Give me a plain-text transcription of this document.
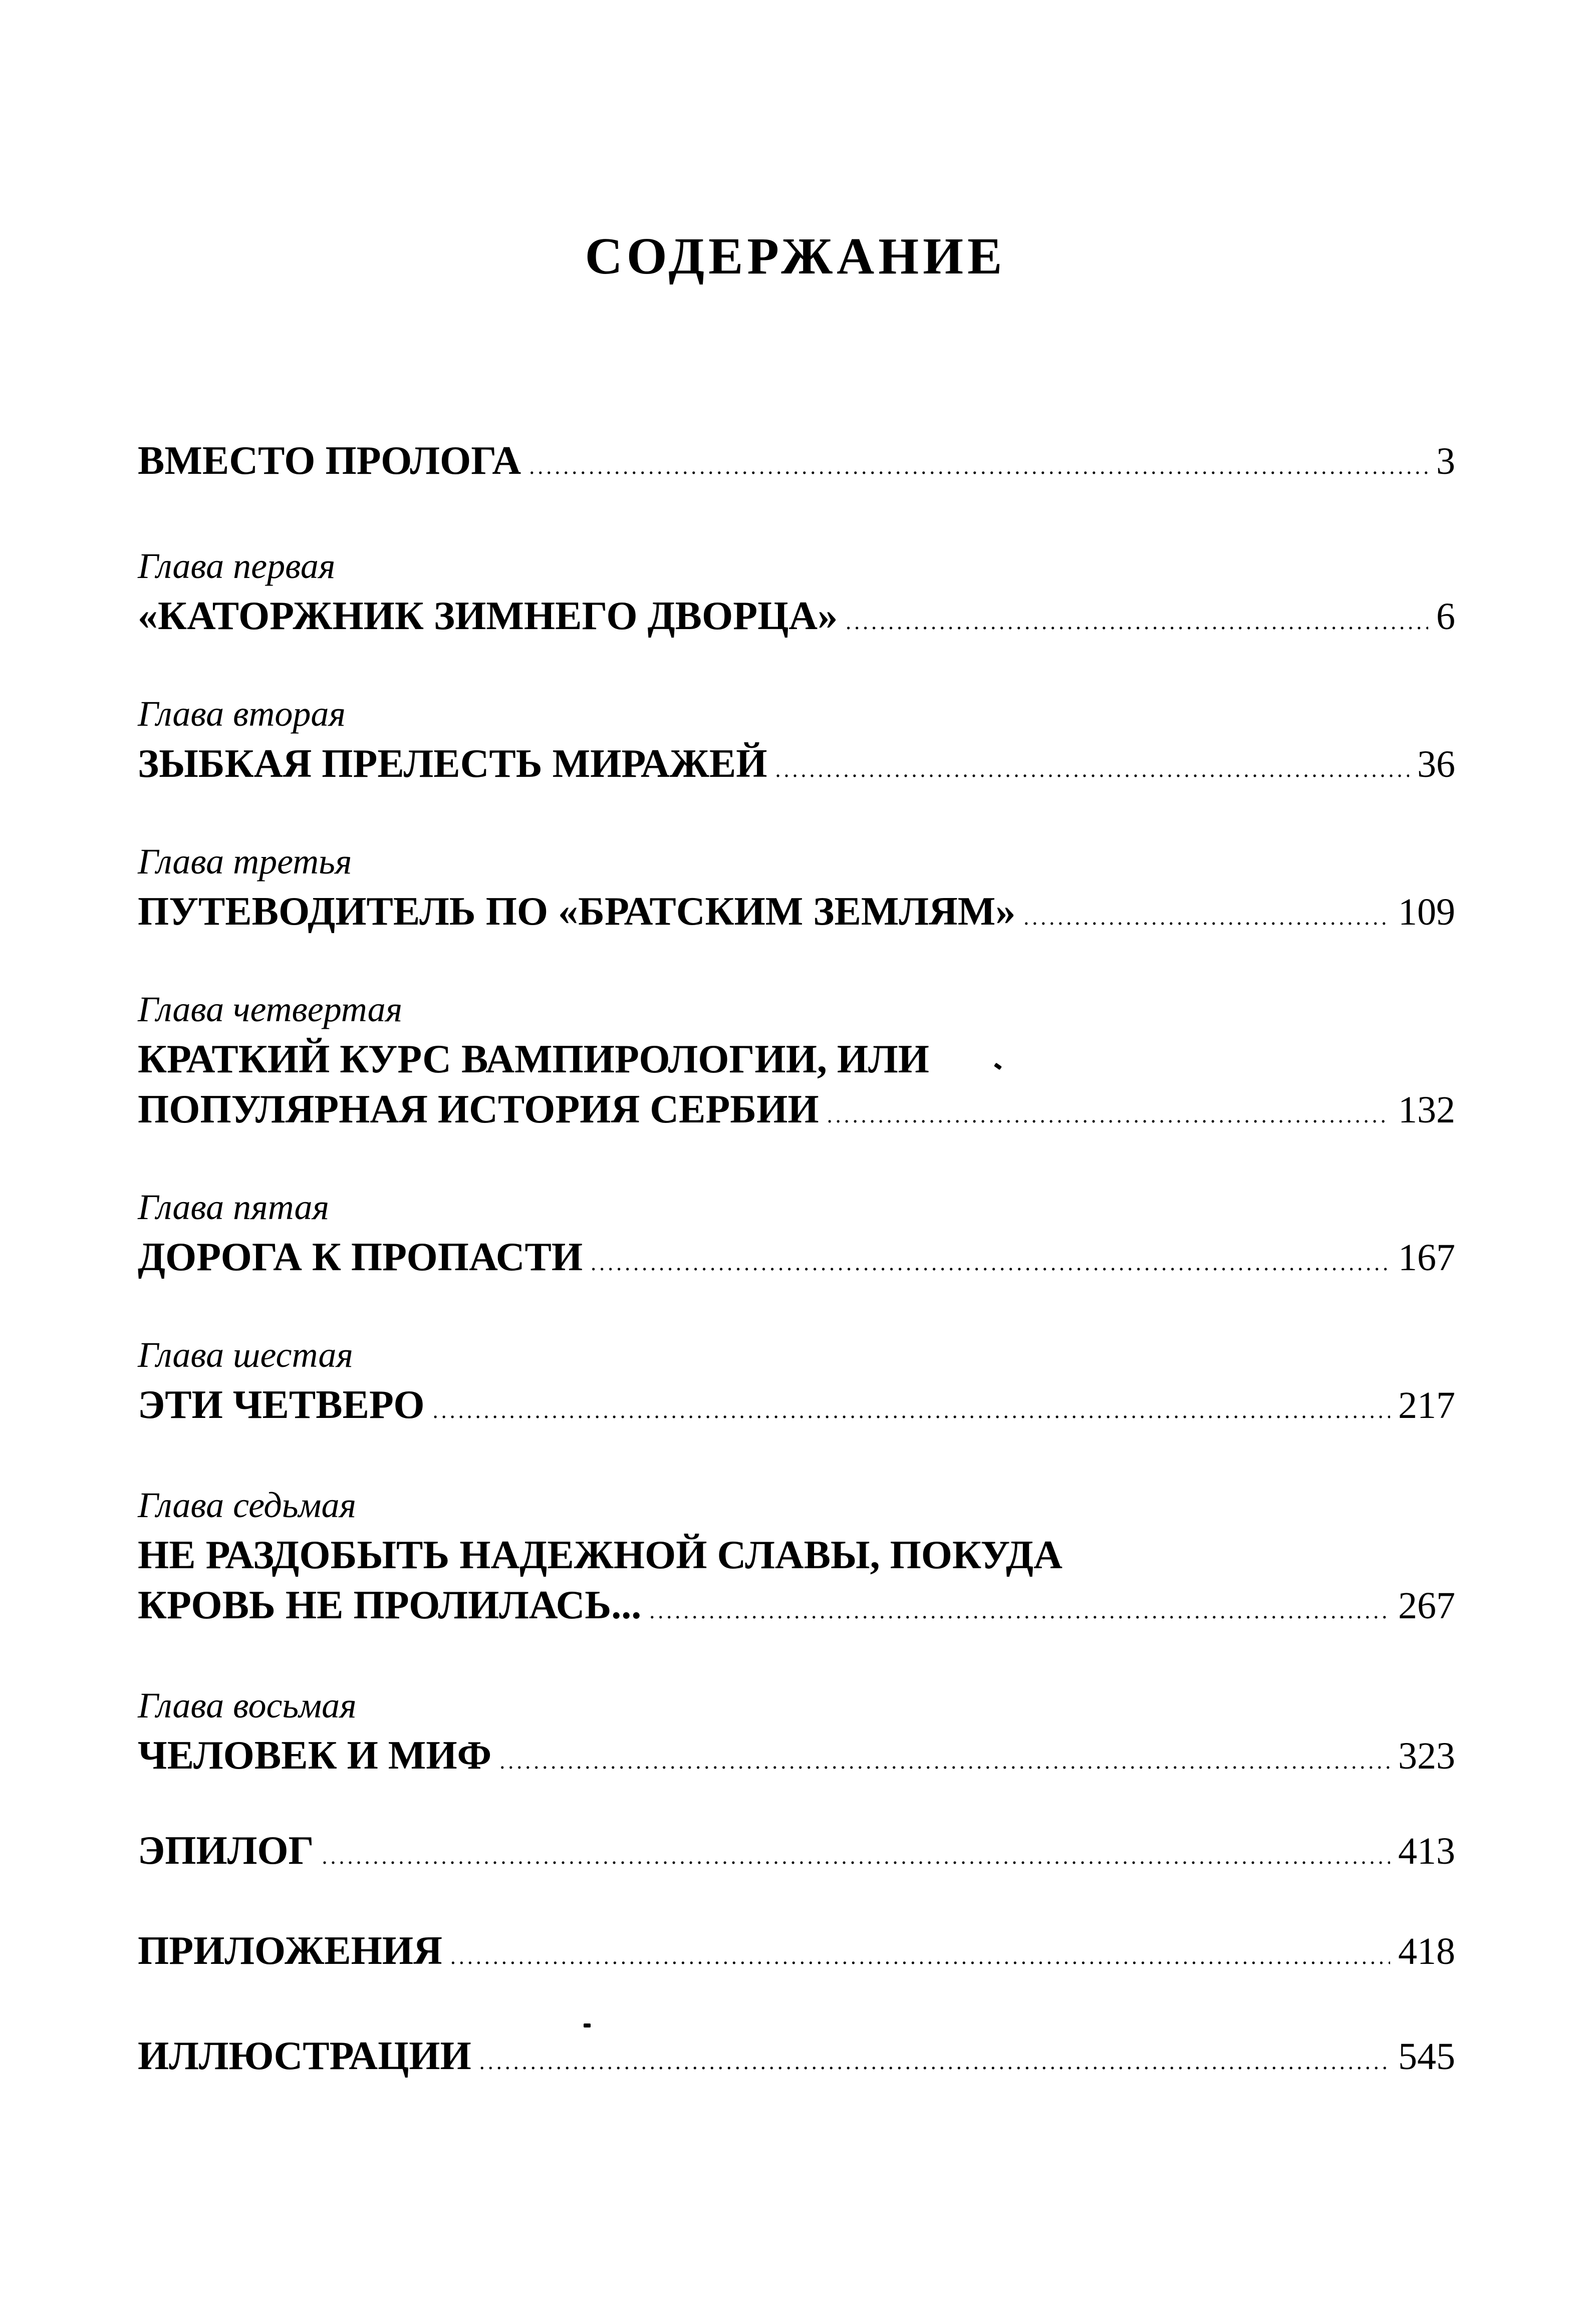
СОДЕРЖАНИЕ
ВМЕСТО ПРОЛОГА .....	3
Глава первая
«КАТОРЖНИК ЗИМНЕГО ДВОРЦА» .....	6
Глава вторая
ЗЫБКАЯ ПРЕЛЕСТЬ МИРАЖЕЙ .....	36
Глава третья
ПУТЕВОДИТЕЛЬ ПО «БРАТСКИМ ЗЕМЛЯМ» .....	109
Глава четвертая
КРАТКИЙ КУРС ВАМПИРОЛОГИИ, ИЛИ
ПОПУЛЯРНАЯ ИСТОРИЯ СЕРБИИ .....	132
Глава пятая
ДОРОГА К ПРОПАСТИ .....	167
Глава шестая
ЭТИ ЧЕТВЕРО .....	217
Глава седьмая
НЕ РАЗДОБЫТЬ НАДЕЖНОЙ СЛАВЫ, ПОКУДА
КРОВЬ НЕ ПРОЛИЛАСЬ... .....	267
Глава восьмая
ЧЕЛОВЕК И МИФ .....	323
ЭПИЛОГ .....	413
ПРИЛОЖЕНИЯ .....	418
ИЛЛЮСТРАЦИИ .....	545
